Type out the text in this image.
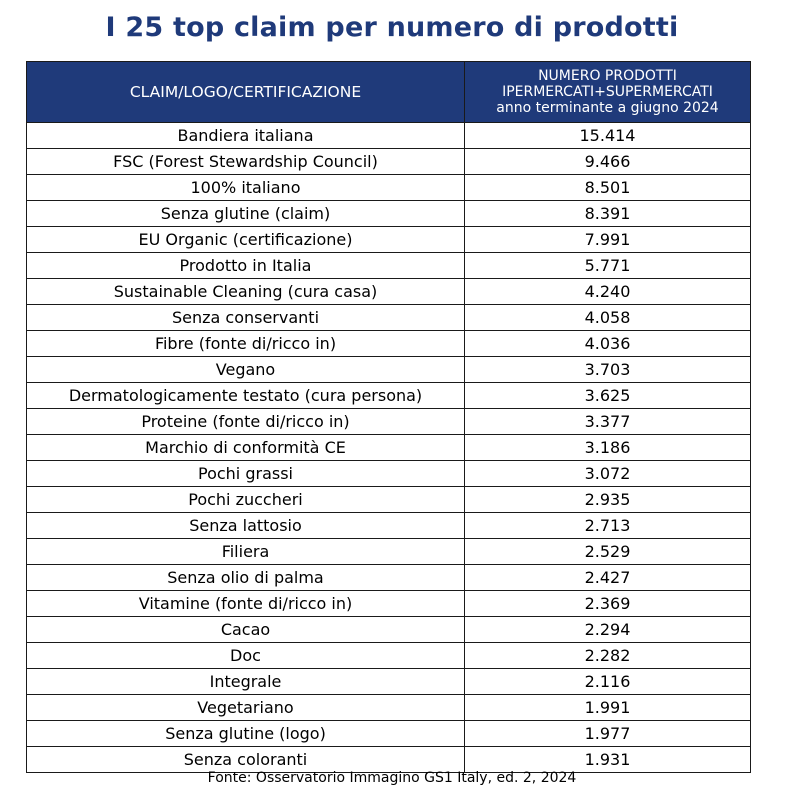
I 25 top claim per numero di prodotti
CLAIM/LOGO/CERTIFICAZIONE	NUMERO PRODOTTI
IPERMERCATI+SUPERMERCATI
anno terminante a giugno 2024

Bandiera italiana	15.414
FSC (Forest Stewardship Council)	9.466
100% italiano	8.501
Senza glutine (claim)	8.391
EU Organic (certificazione)	7.991
Prodotto in Italia	5.771
Sustainable Cleaning (cura casa)	4.240
Senza conservanti	4.058
Fibre (fonte di/ricco in)	4.036
Vegano	3.703
Dermatologicamente testato (cura persona)	3.625
Proteine (fonte di/ricco in)	3.377
Marchio di conformità CE	3.186
Pochi grassi	3.072
Pochi zuccheri	2.935
Senza lattosio	2.713
Filiera	2.529
Senza olio di palma	2.427
Vitamine (fonte di/ricco in)	2.369
Cacao	2.294
Doc	2.282
Integrale	2.116
Vegetariano	1.991
Senza glutine (logo)	1.977
Senza coloranti	1.931
Fonte: Osservatorio Immagino GS1 Italy, ed. 2, 2024
